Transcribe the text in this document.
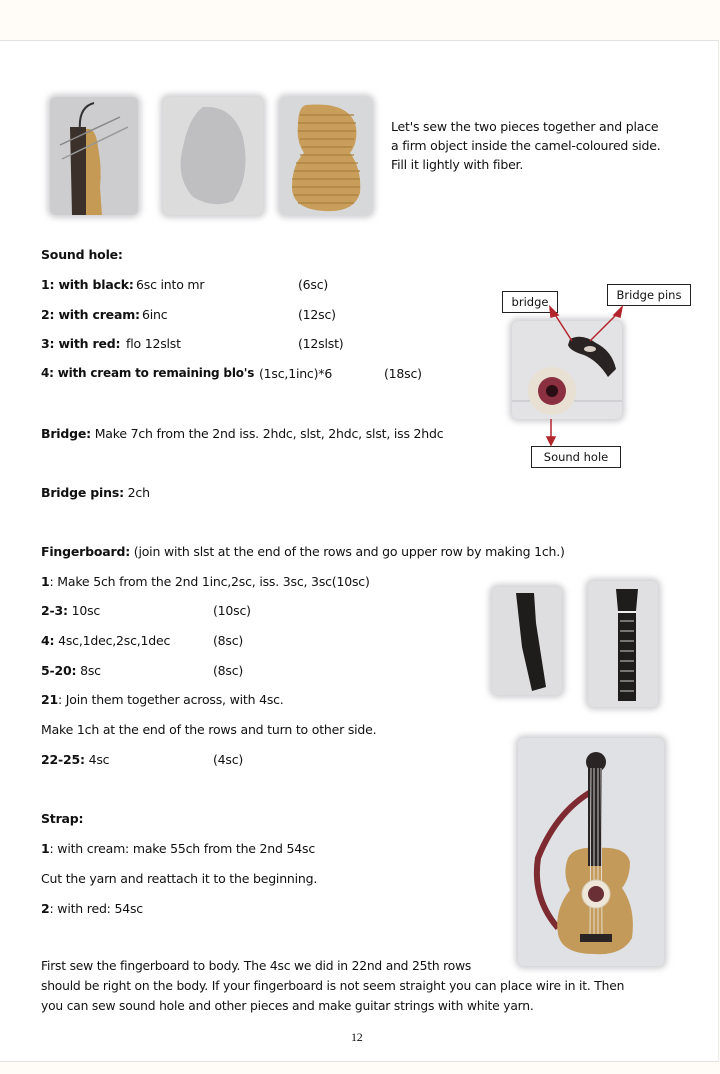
Let's sew the two pieces together and place
a firm object inside the camel-coloured side.
Fill it lightly with fiber.
Sound hole:
1: with black: 6sc into mr	(6sc)
2: with cream: 6inc	(12sc)
3: with red: flo 12slst	(12slst)
4: with cream to remaining blo's (1sc,1inc)*6	(18sc)
bridge	Bridge pins
Sound hole
Bridge: Make 7ch from the 2nd iss. 2hdc, slst, 2hdc, slst, iss 2hdc
Bridge pins: 2ch
Fingerboard: (join with slst at the end of the rows and go upper row by making 1ch.)
1: Make 5ch from the 2nd 1inc,2sc, iss. 3sc, 3sc(10sc)
2-3: 10sc	(10sc)
4: 4sc,1dec,2sc,1dec	(8sc)
5-20: 8sc	(8sc)
21: Join them together across, with 4sc.
Make 1ch at the end of the rows and turn to other side.
22-25: 4sc	(4sc)
Strap:
1: with cream: make 55ch from the 2nd 54sc
Cut the yarn and reattach it to the beginning.
2: with red: 54sc
First sew the fingerboard to body. The 4sc we did in 22nd and 25th rows
should be right on the body. If your fingerboard is not seem straight you can place wire in it. Then
you can sew sound hole and other pieces and make guitar strings with white yarn.
12
